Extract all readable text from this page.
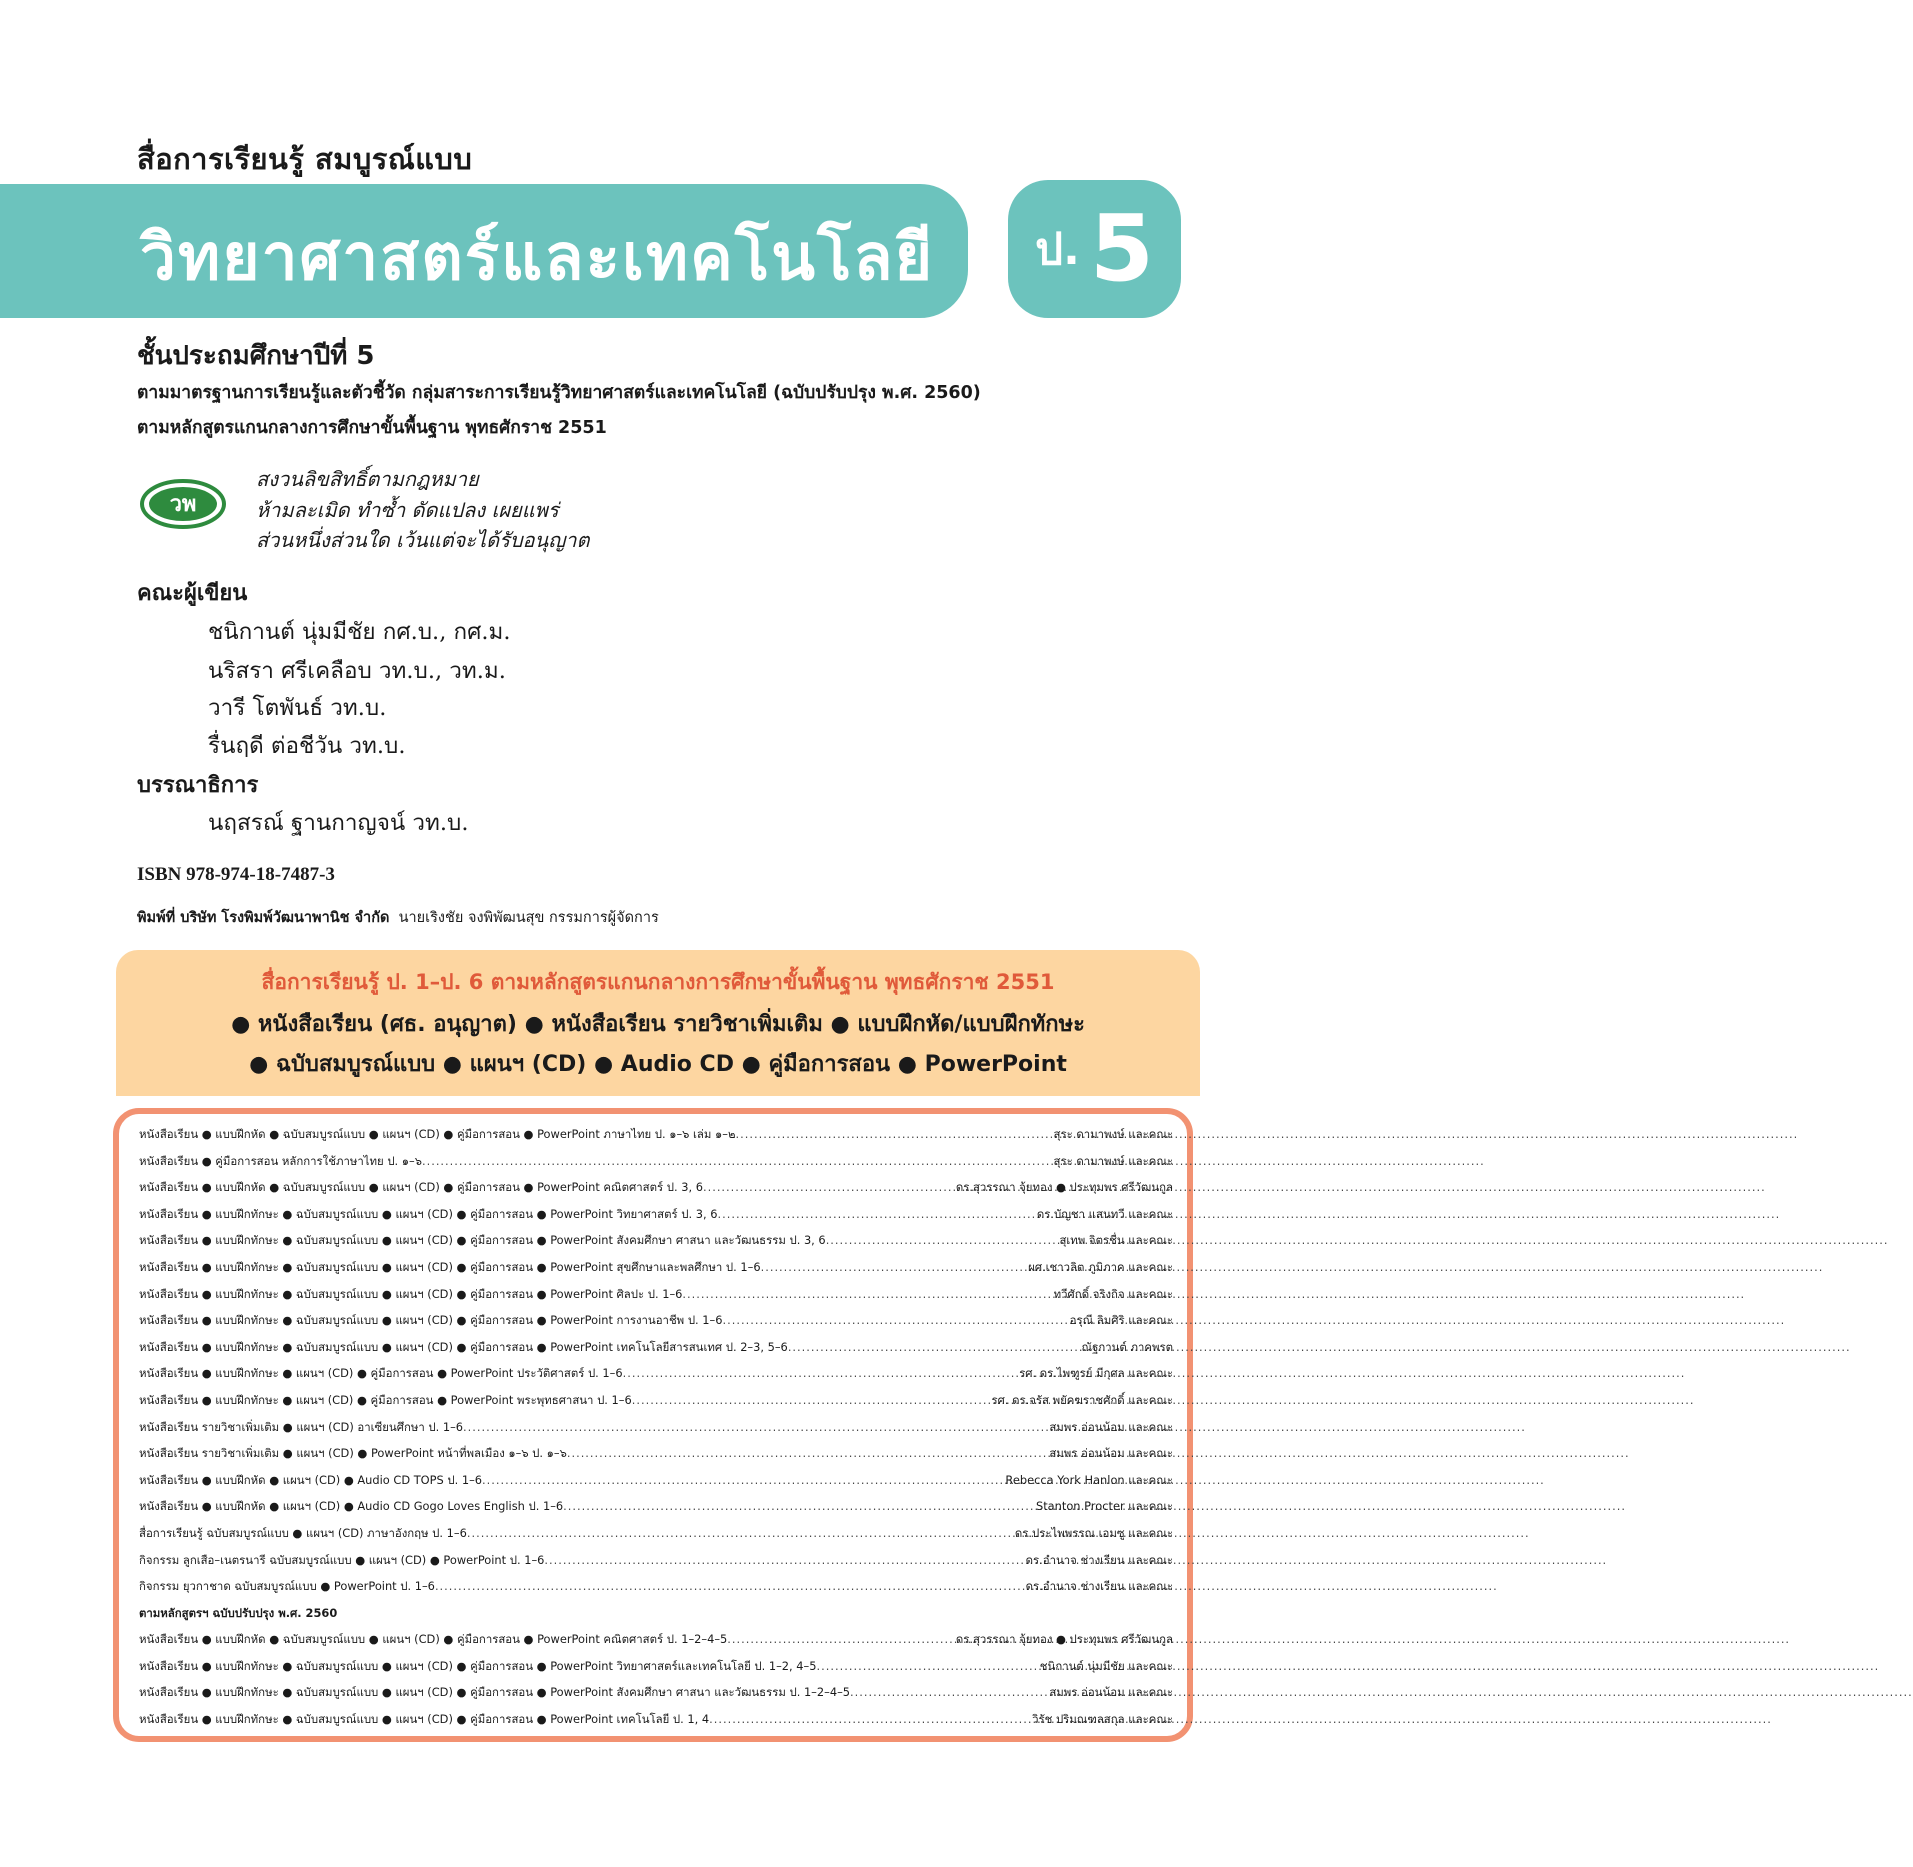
สื่อการเรียนรู้ สมบูรณ์แบบ
วิทยาศาสตร์และเทคโนโลยี ป. 5
ชั้นประถมศึกษาปีที่ 5
ตามมาตรฐานการเรียนรู้และตัวชี้วัด กลุ่มสาระการเรียนรู้วิทยาศาสตร์และเทคโนโลยี (ฉบับปรับปรุง พ.ศ. 2560)
ตามหลักสูตรแกนกลางการศึกษาขั้นพื้นฐาน พุทธศักราช 2551
วพ
สงวนลิขสิทธิ์ตามกฎหมาย
ห้ามละเมิด ทำซ้ำ ดัดแปลง เผยแพร่
ส่วนหนึ่งส่วนใด เว้นแต่จะได้รับอนุญาต
คณะผู้เขียน
ชนิกานต์ นุ่มมีชัย กศ.บ., กศ.ม.
นริสรา ศรีเคลือบ วท.บ., วท.ม.
วารี โตพันธ์ วท.บ.
รื่นฤดี ต่อชีวัน วท.บ.
บรรณาธิการ
นฤสรณ์ ฐานกาญจน์ วท.บ.
ISBN 978-974-18-7487-3
พิมพ์ที่ บริษัท โรงพิมพ์วัฒนาพานิช จำกัด นายเริงชัย จงพิพัฒนสุข กรรมการผู้จัดการ
สื่อการเรียนรู้ ป. 1–ป. 6 ตามหลักสูตรแกนกลางการศึกษาขั้นพื้นฐาน พุทธศักราช 2551
● หนังสือเรียน (ศธ. อนุญาต) ● หนังสือเรียน รายวิชาเพิ่มเติม ● แบบฝึกหัด/แบบฝึกทักษะ
● ฉบับสมบูรณ์แบบ ● แผนฯ (CD) ● Audio CD ● คู่มือการสอน ● PowerPoint
หนังสือเรียน ● แบบฝึกหัด ● ฉบับสมบูรณ์แบบ ● แผนฯ (CD) ● คู่มือการสอน ● PowerPoint ภาษาไทย ป. ๑–๖ เล่ม ๑–๒ .....	สุระ ดามาพงษ์ และคณะ
หนังสือเรียน ● คู่มือการสอน หลักการใช้ภาษาไทย ป. ๑–๖ .....	สุระ ดามาพงษ์ และคณะ
หนังสือเรียน ● แบบฝึกหัด ● ฉบับสมบูรณ์แบบ ● แผนฯ (CD) ● คู่มือการสอน ● PowerPoint คณิตศาสตร์ ป. 3, 6 .....	ดร.สุวรรณา จุ้ยทอง ● ประทุมพร ศรีวัฒนกูล
หนังสือเรียน ● แบบฝึกทักษะ ● ฉบับสมบูรณ์แบบ ● แผนฯ (CD) ● คู่มือการสอน ● PowerPoint วิทยาศาสตร์ ป. 3, 6 .....	ดร.บัญชา แสนทวี และคณะ
หนังสือเรียน ● แบบฝึกทักษะ ● ฉบับสมบูรณ์แบบ ● แผนฯ (CD) ● คู่มือการสอน ● PowerPoint สังคมศึกษา ศาสนา และวัฒนธรรม ป. 3, 6 .....	สุเทพ จิตรชื่น และคณะ
หนังสือเรียน ● แบบฝึกทักษะ ● ฉบับสมบูรณ์แบบ ● แผนฯ (CD) ● คู่มือการสอน ● PowerPoint สุขศึกษาและพลศึกษา ป. 1–6 .....	ผศ.เชาวลิต ภูมิภาค และคณะ
หนังสือเรียน ● แบบฝึกทักษะ ● ฉบับสมบูรณ์แบบ ● แผนฯ (CD) ● คู่มือการสอน ● PowerPoint ศิลปะ ป. 1–6 .....	ทวีศักดิ์ จริงกิจ และคณะ
หนังสือเรียน ● แบบฝึกทักษะ ● ฉบับสมบูรณ์แบบ ● แผนฯ (CD) ● คู่มือการสอน ● PowerPoint การงานอาชีพ ป. 1–6 .....	อรุณี ลิมศิริ และคณะ
หนังสือเรียน ● แบบฝึกทักษะ ● ฉบับสมบูรณ์แบบ ● แผนฯ (CD) ● คู่มือการสอน ● PowerPoint เทคโนโลยีสารสนเทศ ป. 2–3, 5–6 .....	ณัฐกานต์ ภาคพรต
หนังสือเรียน ● แบบฝึกทักษะ ● แผนฯ (CD) ● คู่มือการสอน ● PowerPoint ประวัติศาสตร์ ป. 1–6 .....	รศ. ดร.ไพฑูรย์ มีกุศล และคณะ
หนังสือเรียน ● แบบฝึกทักษะ ● แผนฯ (CD) ● คู่มือการสอน ● PowerPoint พระพุทธศาสนา ป. 1–6 .....	รศ. ดร.จรัส พยัคฆราชศักดิ์ และคณะ
หนังสือเรียน รายวิชาเพิ่มเติม ● แผนฯ (CD) อาเซียนศึกษา ป. 1–6 .....	สมพร อ่อนน้อม และคณะ
หนังสือเรียน รายวิชาเพิ่มเติม ● แผนฯ (CD) ● PowerPoint หน้าที่พลเมือง ๑–๖ ป. ๑–๖ .....	สมพร อ่อนน้อม และคณะ
หนังสือเรียน ● แบบฝึกหัด ● แผนฯ (CD) ● Audio CD TOPS ป. 1–6 .....	Rebecca York Hanlon และคณะ
หนังสือเรียน ● แบบฝึกหัด ● แผนฯ (CD) ● Audio CD Gogo Loves English ป. 1–6 .....	Stanton Procter และคณะ
สื่อการเรียนรู้ ฉบับสมบูรณ์แบบ ● แผนฯ (CD) ภาษาอังกฤษ ป. 1–6 .....	ดร.ประไพพรรณ เอมซู และคณะ
กิจกรรม ลูกเสือ–เนตรนารี ฉบับสมบูรณ์แบบ ● แผนฯ (CD) ● PowerPoint ป. 1–6 .....	ดร.อำนาจ ช่างเรียน และคณะ
กิจกรรม ยุวกาชาด ฉบับสมบูรณ์แบบ ● PowerPoint ป. 1–6 .....	ดร.อำนาจ ช่างเรียน และคณะ
ตามหลักสูตรฯ ฉบับปรับปรุง พ.ศ. 2560
หนังสือเรียน ● แบบฝึกหัด ● ฉบับสมบูรณ์แบบ ● แผนฯ (CD) ● คู่มือการสอน ● PowerPoint คณิตศาสตร์ ป. 1–2–4–5 .....	ดร.สุวรรณา จุ้ยทอง ● ประทุมพร ศรีวัฒนกูล
หนังสือเรียน ● แบบฝึกทักษะ ● ฉบับสมบูรณ์แบบ ● แผนฯ (CD) ● คู่มือการสอน ● PowerPoint วิทยาศาสตร์และเทคโนโลยี ป. 1–2, 4–5 .....	ชนิกานต์ นุ่มมีชัย และคณะ
หนังสือเรียน ● แบบฝึกทักษะ ● ฉบับสมบูรณ์แบบ ● แผนฯ (CD) ● คู่มือการสอน ● PowerPoint สังคมศึกษา ศาสนา และวัฒนธรรม ป. 1–2–4–5 .....	สมพร อ่อนน้อม และคณะ
หนังสือเรียน ● แบบฝึกทักษะ ● ฉบับสมบูรณ์แบบ ● แผนฯ (CD) ● คู่มือการสอน ● PowerPoint เทคโนโลยี ป. 1, 4 .....	วิรัช ปริมณฑลสกุล และคณะ
